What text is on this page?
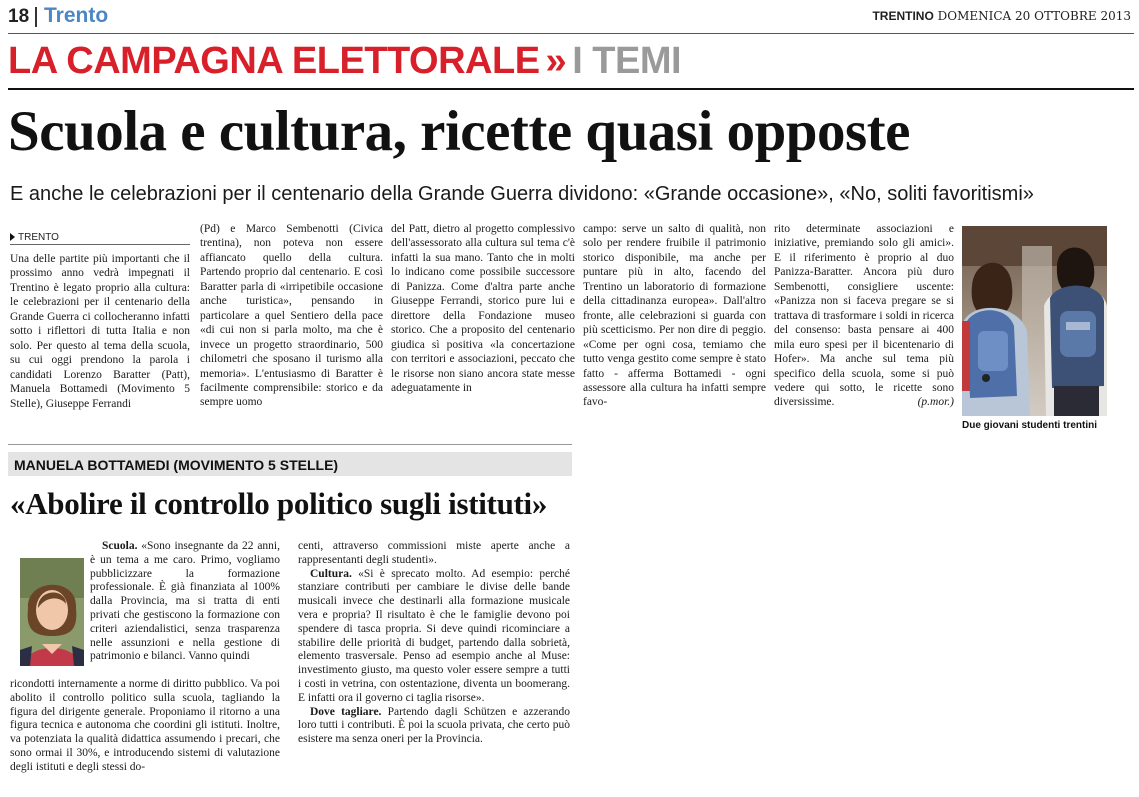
18 Trento	TRENTINO DOMENICA 20 OTTOBRE 2013
LA CAMPAGNA ELETTORALE » I TEMI
Scuola e cultura, ricette quasi opposte
E anche le celebrazioni per il centenario della Grande Guerra dividono: «Grande occasione», «No, soliti favoritismi»
TRENTO

Una delle partite più importanti che il prossimo anno vedrà impegnati il Trentino è legato proprio alla cultura: le celebrazioni per il centenario della Grande Guerra ci collocheranno infatti sotto i riflettori di tutta Italia e non solo. Per questo al tema della scuola, su cui oggi prendono la parola i candidati Lorenzo Baratter (Patt), Manuela Bottamedi (Movimento 5 Stelle), Giuseppe Ferrandi

(Pd) e Marco Sembenotti (Civica trentina), non poteva non essere affiancato quello della cultura. Partendo proprio dal centenario. E così Baratter parla di «irripetibile occasione anche turistica», pensando in particolare a quel Sentiero della pace «di cui non si parla molto, ma che è invece un progetto straordinario, 500 chilometri che sposano il turismo alla memoria». L'entusiasmo di Baratter è facilmente comprensibile: storico e da sempre uomo

del Patt, dietro al progetto complessivo dell'assessorato alla cultura sul tema c'è infatti la sua mano. Tanto che in molti lo indicano come possibile successore di Panizza. Come d'altra parte anche Giuseppe Ferrandi, storico pure lui e direttore della Fondazione museo storico. Che a proposito del centenario giudica sì positiva «la concertazione con territori e associazioni, peccato che le risorse non siano ancora state messe adeguatamente in

campo: serve un salto di qualità, non solo per rendere fruibile il patrimonio storico disponibile, ma anche per puntare più in alto, facendo del Trentino un laboratorio di formazione della cittadinanza europea». Dall'altro fronte, alle celebrazioni si guarda con più scetticismo. Per non dire di peggio. «Come per ogni cosa, temiamo che tutto venga gestito come sempre è stato fatto - afferma Bottamedi - ogni assessore alla cultura ha infatti sempre favo-

rito determinate associazioni e iniziative, premiando solo gli amici». E il riferimento è proprio al duo Panizza-Baratter. Ancora più duro Sembenotti, consigliere uscente: «Panizza non si faceva pregare se si trattava di trasformare i soldi in ricerca del consenso: basta pensare ai 400 mila euro spesi per il bicentenario di Hofer». Ma anche sul tema più specifico della scuola, some si può vedere qui sotto, le ricette sono diversissime.	(p.mor.)

Due giovani studenti trentini
MANUELA BOTTAMEDI (MOVIMENTO 5 STELLE)
«Abolire il controllo politico sugli istituti»

Scuola. «Sono insegnante da 22 anni, è un tema a me caro. Primo, vogliamo pubblicizzare la formazione professionale. È già finanziata al 100% dalla Provincia, ma si tratta di enti privati che gestiscono la formazione con criteri aziendalistici, senza trasparenza nelle assunzioni e nella gestione di patrimonio e bilanci. Vanno quindi

ricondotti internamente a norme di diritto pubblico. Va poi abolito il controllo politico sulla scuola, tagliando la figura del dirigente generale. Proponiamo il ritorno a una figura tecnica e autonoma che coordini gli istituti. Inoltre, va potenziata la qualità didattica assumendo i precari, che sono ormai il 30%, e introducendo sistemi di valutazione degli istituti e degli stessi do-

centi, attraverso commissioni miste aperte anche a rappresentanti degli studenti».

Cultura. «Si è sprecato molto. Ad esempio: perché stanziare contributi per cambiare le divise delle bande musicali invece che destinarli alla formazione musicale vera e propria? Il risultato è che le famiglie devono poi spendere di tasca propria. Si deve quindi ricominciare a stabilire delle priorità di budget, partendo dalla sobrietà, elemento trasversale. Penso ad esempio anche al Muse: investimento giusto, ma questo voler essere sempre a tutti i costi in vetrina, con ostentazione, diventa un boomerang. E infatti ora il governo ci taglia risorse».

Dove tagliare. Partendo dagli Schützen e azzerando loro tutti i contributi. È poi la scuola privata, che certo può esistere ma senza oneri per la Provincia.
